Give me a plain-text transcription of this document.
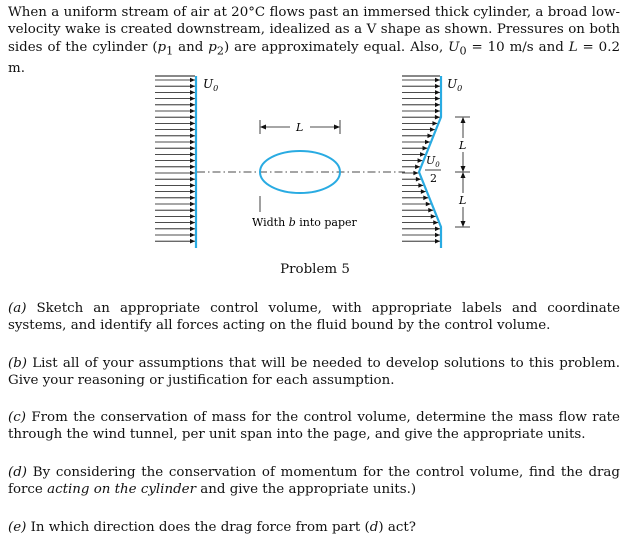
When a uniform stream of air at 20°C flows past an immersed thick cylinder, a broad low-velocity wake is created downstream, idealized as a V shape as shown. Pressures on both sides of the cylinder ($p_1$ and $p_2$) are approximately equal. Also, $U_0 = 10$ m/s and L = 0.2 m.
$U_0$
L
Width b into paper
$U_0$
$U_0$
2
L
L
Problem 5
(a) Sketch an appropriate control volume, with appropriate labels and coordinate systems, and identify all forces acting on the fluid bound by the control volume.
(b) List all of your assumptions that will be needed to develop solutions to this problem. Give your reasoning or justification for each assumption.
(c) From the conservation of mass for the control volume, determine the mass flow rate through the wind tunnel, per unit span into the page, and give the appropriate units.
(d) By considering the conservation of momentum for the control volume, find the drag force acting on the cylinder and give the appropriate units.)
(e) In which direction does the drag force from part (d) act?
